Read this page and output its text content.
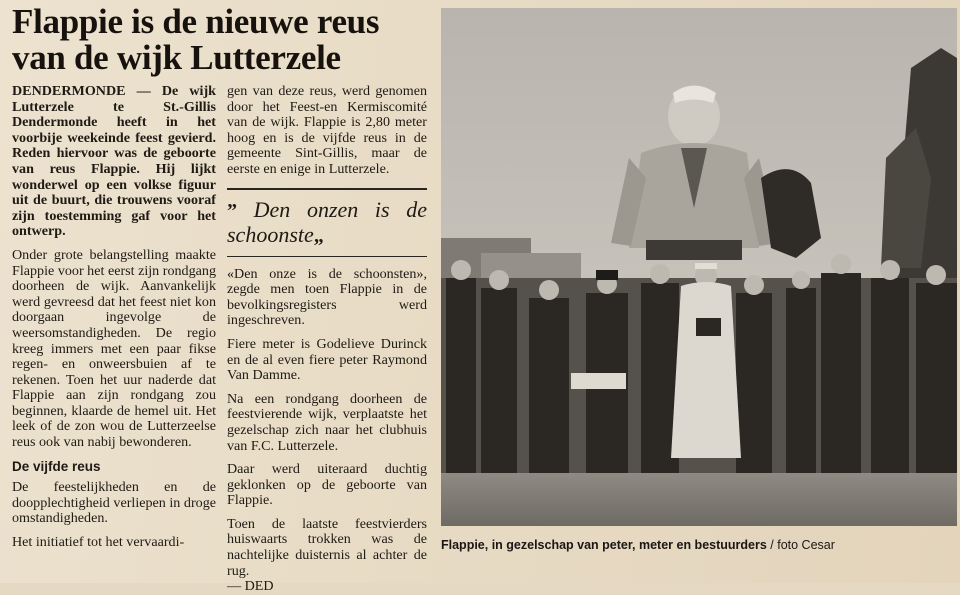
Flappie is de nieuwe reus van de wijk Lutterzele

DENDERMONDE — De wijk Lutterzele te St.-Gillis Dendermonde heeft in het voorbije weekeinde feest gevierd. Reden hiervoor was de geboorte van reus Flappie. Hij lijkt wonderwel op een volkse figuur uit de buurt, die trouwens vooraf zijn toestemming gaf voor het ontwerp.

Onder grote belangstelling maakte Flappie voor het eerst zijn rondgang doorheen de wijk. Aanvankelijk werd gevreesd dat het feest niet kon doorgaan ingevolge de weersomstandigheden. De regio kreeg immers met een paar fikse regen- en onweersbuien af te rekenen. Toen het uur naderde dat Flappie aan zijn rondgang zou beginnen, klaarde de hemel uit. Het leek of de zon wou de Lutterzeelse reus ook van nabij bewonderen.

De vijfde reus

De feestelijkheden en de doopplechtigheid verliepen in droge omstandigheden.

Het initiatief tot het vervaardi-

gen van deze reus, werd genomen door het Feest-en Kermiscomité van de wijk. Flappie is 2,80 meter hoog en is de vijfde reus in de gemeente Sint-Gillis, maar de eerste en enige in Lutterzele.

” Den onzen is de schoonste„

«Den onze is de schoonsten», zegde men toen Flappie in de bevolkingsregisters werd ingeschreven.

Fiere meter is Godelieve Durinck en de al even fiere peter Raymond Van Damme.

Na een rondgang doorheen de feestvierende wijk, verplaatste het gezelschap zich naar het clubhuis van F.C. Lutterzele.

Daar werd uiteraard duchtig geklonken op de geboorte van Flappie.

Toen de laatste feestvierders huiswaarts trokken was de nachtelijke duisternis al achter de rug.

— DED

Flappie, in gezelschap van peter, meter en bestuurders / foto Cesar
